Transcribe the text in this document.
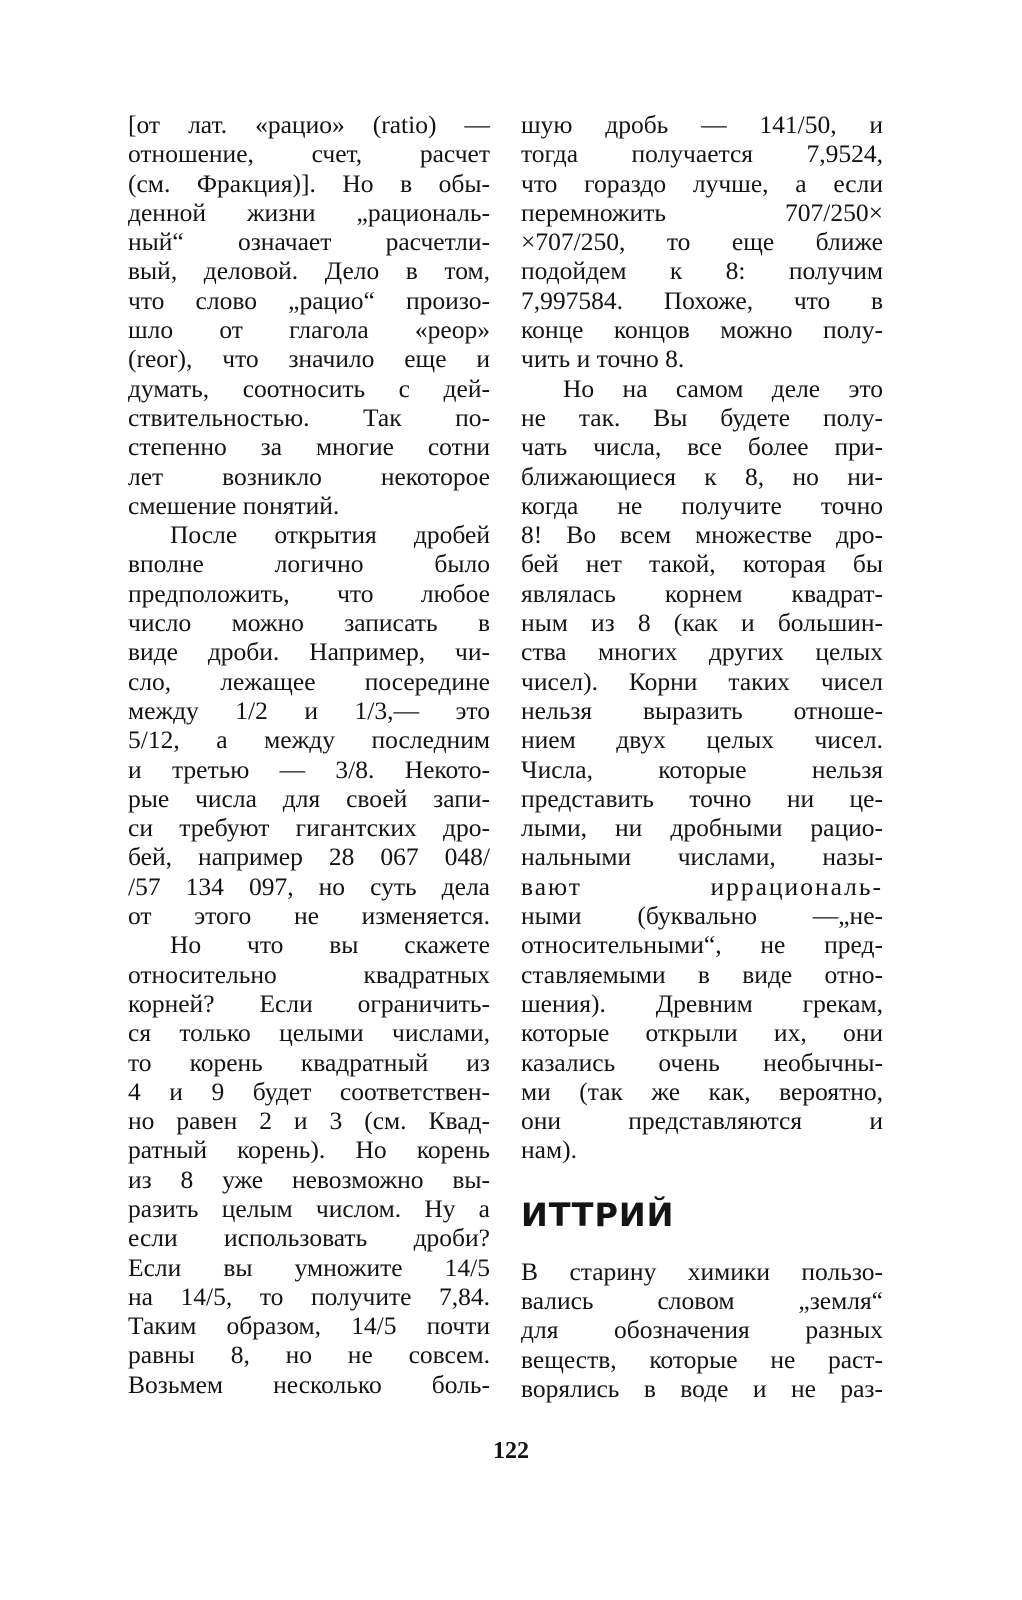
[от лат. «рацио» (ratio) —
отношение, счет, расчет
(см. Фракция)]. Но в обы-
денной жизни „рациональ-
ный“ означает расчетли-
вый, деловой. Дело в том,
что слово „рацио“ произо-
шло от глагола «реор»
(reor), что значило еще и
думать, соотносить с дей-
ствительностью. Так по-
степенно за многие сотни
лет возникло некоторое
смешение понятий.
После открытия дробей
вполне логично было
предположить, что любое
число можно записать в
виде дроби. Например, чи-
сло, лежащее посередине
между 1/2 и 1/3,— это
5/12, а между последним
и третью — 3/8. Некото-
рые числа для своей запи-
си требуют гигантских дро-
бей, например 28 067 048/
/57 134 097, но суть дела
от этого не изменяется.
Но что вы скажете
относительно квадратных
корней? Если ограничить-
ся только целыми числами,
то корень квадратный из
4 и 9 будет соответствен-
но равен 2 и 3 (см. Квад-
ратный корень). Но корень
из 8 уже невозможно вы-
разить целым числом. Ну а
если использовать дроби?
Если вы умножите 14/5
на 14/5, то получите 7,84.
Таким образом, 14/5 почти
равны 8, но не совсем.
Возьмем несколько боль-
шую дробь — 141/50, и
тогда получается 7,9524,
что гораздо лучше, а если
перемножить 707/250×
×707/250, то еще ближе
подойдем к 8: получим
7,997584. Похоже, что в
конце концов можно полу-
чить и точно 8.
Но на самом деле это
не так. Вы будете полу-
чать числа, все более при-
ближающиеся к 8, но ни-
когда не получите точно
8! Во всем множестве дро-
бей нет такой, которая бы
являлась корнем квадрат-
ным из 8 (как и большин-
ства многих других целых
чисел). Корни таких чисел
нельзя выразить отноше-
нием двух целых чисел.
Числа, которые нельзя
представить точно ни це-
лыми, ни дробными рацио-
нальными числами, назы-
вают иррациональ-
ными (буквально —„не-
относительными“, не пред-
ставляемыми в виде отно-
шения). Древним грекам,
которые открыли их, они
казались очень необычны-
ми (так же как, вероятно,
они представляются и
нам).
ИТТРИЙ
В старину химики пользо-
вались словом „земля“
для обозначения разных
веществ, которые не раст-
ворялись в воде и не раз-
122
